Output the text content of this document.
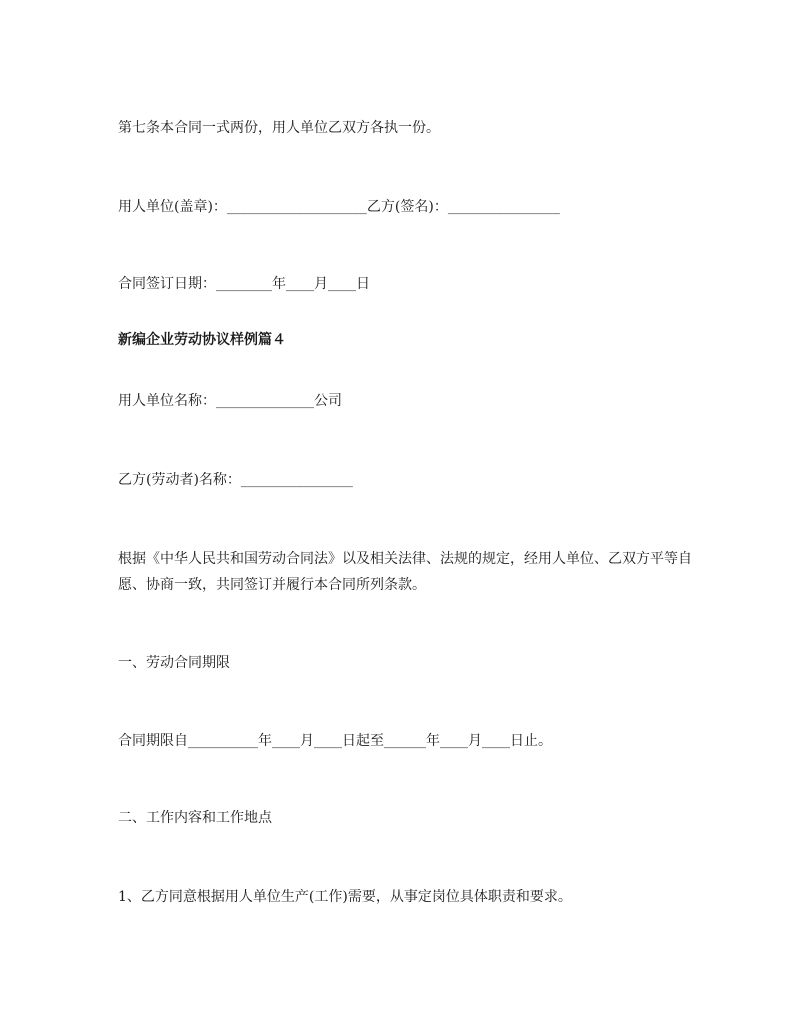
第七条本合同一式两份，用人单位乙双方各执一份。
用人单位(盖章)：____________________乙方(签名)：________________
合同签订日期：________年____月____日
新编企业劳动协议样例篇４
用人单位名称：______________公司
乙方(劳动者)名称：________________
根据《中华人民共和国劳动合同法》以及相关法律、法规的规定，经用人单位、乙双方平等自愿、协商一致，共同签订并履行本合同所列条款。
一、劳动合同期限
合同期限自__________年____月____日起至______年____月____日止。
二、工作内容和工作地点
1、乙方同意根据用人单位生产(工作)需要，从事定岗位具体职责和要求。
